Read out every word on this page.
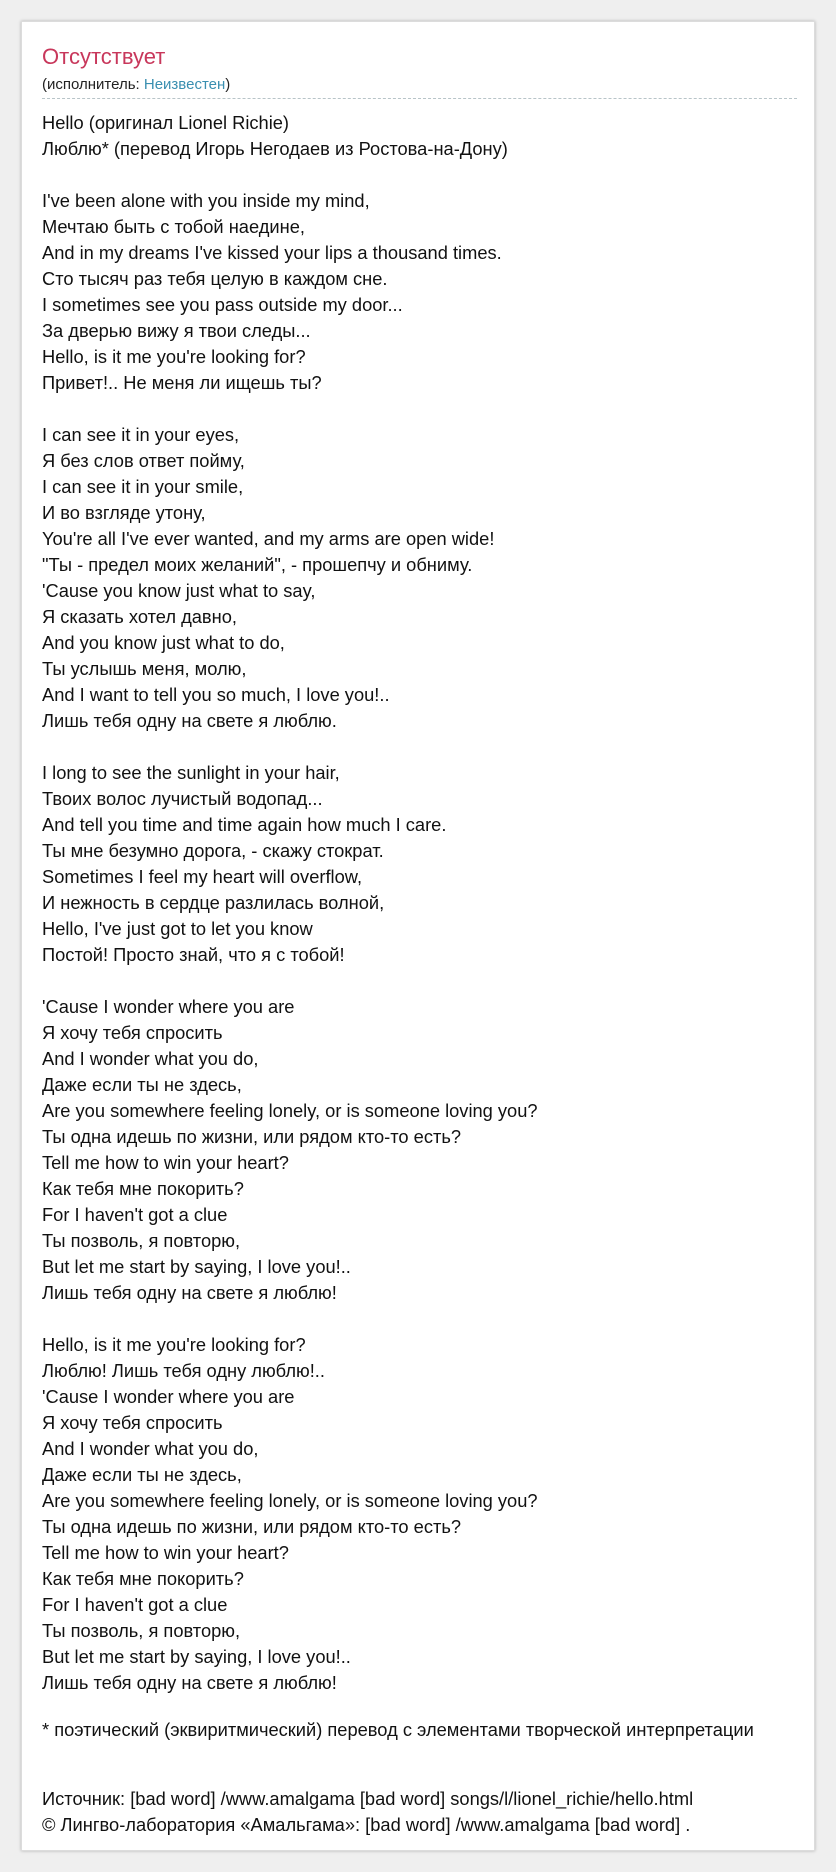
Отсутствует
(исполнитель: Неизвестен)
Hello (оригинал Lionel Richie)
Люблю* (перевод Игорь Негодаев из Ростова-на-Дону)
I've been alone with you inside my mind,
Мечтаю быть с тобой наедине,
And in my dreams I've kissed your lips a thousand times.
Сто тысяч раз тебя целую в каждом сне.
I sometimes see you pass outside my door...
За дверью вижу я твои следы...
Hello, is it me you're looking for?
Привет!.. Не меня ли ищешь ты?
I can see it in your eyes,
Я без слов ответ пойму,
I can see it in your smile,
И во взгляде утону,
You're all I've ever wanted, and my arms are open wide!
"Ты - предел моих желаний", - прошепчу и обниму.
'Cause you know just what to say,
Я сказать хотел давно,
And you know just what to do,
Ты услышь меня, молю,
And I want to tell you so much, I love you!..
Лишь тебя одну на свете я люблю.
I long to see the sunlight in your hair,
Твоих волос лучистый водопад...
And tell you time and time again how much I care.
Ты мне безумно дорога, - скажу стократ.
Sometimes I feel my heart will overflow,
И нежность в сердце разлилась волной,
Hello, I've just got to let you know
Постой! Просто знай, что я с тобой!
'Cause I wonder where you are
Я хочу тебя спросить
And I wonder what you do,
Даже если ты не здесь,
Are you somewhere feeling lonely, or is someone loving you?
Ты одна идешь по жизни, или рядом кто-то есть?
Tell me how to win your heart?
Как тебя мне покорить?
For I haven't got a clue
Ты позволь, я повторю,
But let me start by saying, I love you!..
Лишь тебя одну на свете я люблю!
Hello, is it me you're looking for?
Люблю! Лишь тебя одну люблю!..
'Cause I wonder where you are
Я хочу тебя спросить
And I wonder what you do,
Даже если ты не здесь,
Are you somewhere feeling lonely, or is someone loving you?
Ты одна идешь по жизни, или рядом кто-то есть?
Tell me how to win your heart?
Как тебя мне покорить?
For I haven't got a clue
Ты позволь, я повторю,
But let me start by saying, I love you!..
Лишь тебя одну на свете я люблю!
* поэтический (эквиритмический) перевод с элементами творческой интерпретации
Источник: [bad word] /www.amalgama [bad word] songs/l/lionel_richie/hello.html
© Лингво-лаборатория «Амальгама»: [bad word] /www.amalgama [bad word] .
